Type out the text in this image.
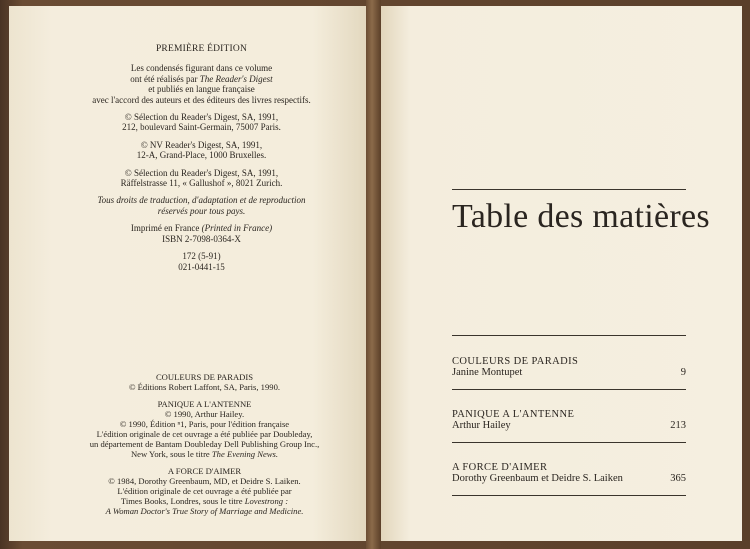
PREMIÈRE ÉDITION

Les condensés figurant dans ce volume

ont été réalisés par The Reader's Digest

et publiés en langue française

avec l'accord des auteurs et des éditeurs des livres respectifs.

© Sélection du Reader's Digest, SA, 1991,

212, boulevard Saint-Germain, 75007 Paris.

© NV Reader's Digest, SA, 1991,

12-A, Grand-Place, 1000 Bruxelles.

© Sélection du Reader's Digest, SA, 1991,

Räffelstrasse 11, « Gallushof », 8021 Zurich.

Tous droits de traduction, d'adaptation et de reproduction

réservés pour tous pays.

Imprimé en France (Printed in France)

ISBN 2-7098-0364-X

172 (5-91)

021-0441-15

COULEURS DE PARADIS

© Éditions Robert Laffont, SA, Paris, 1990.

PANIQUE A L'ANTENNE

© 1990, Arthur Hailey.

© 1990, Édition ⁿ1, Paris, pour l'édition française

L'édition originale de cet ouvrage a été publiée par Doubleday,

un département de Bantam Doubleday Dell Publishing Group Inc.,

New York, sous le titre The Evening News.

A FORCE D'AIMER

© 1984, Dorothy Greenbaum, MD, et Deidre S. Laiken.

L'édition originale de cet ouvrage a été publiée par

Times Books, Londres, sous le titre Lovestrong :

A Woman Doctor's True Story of Marriage and Medicine.

Table des matières
COULEURS DE PARADIS
Janine Montupet	9
PANIQUE A L'ANTENNE
Arthur Hailey	213
A FORCE D'AIMER
Dorothy Greenbaum et Deidre S. Laiken	365
